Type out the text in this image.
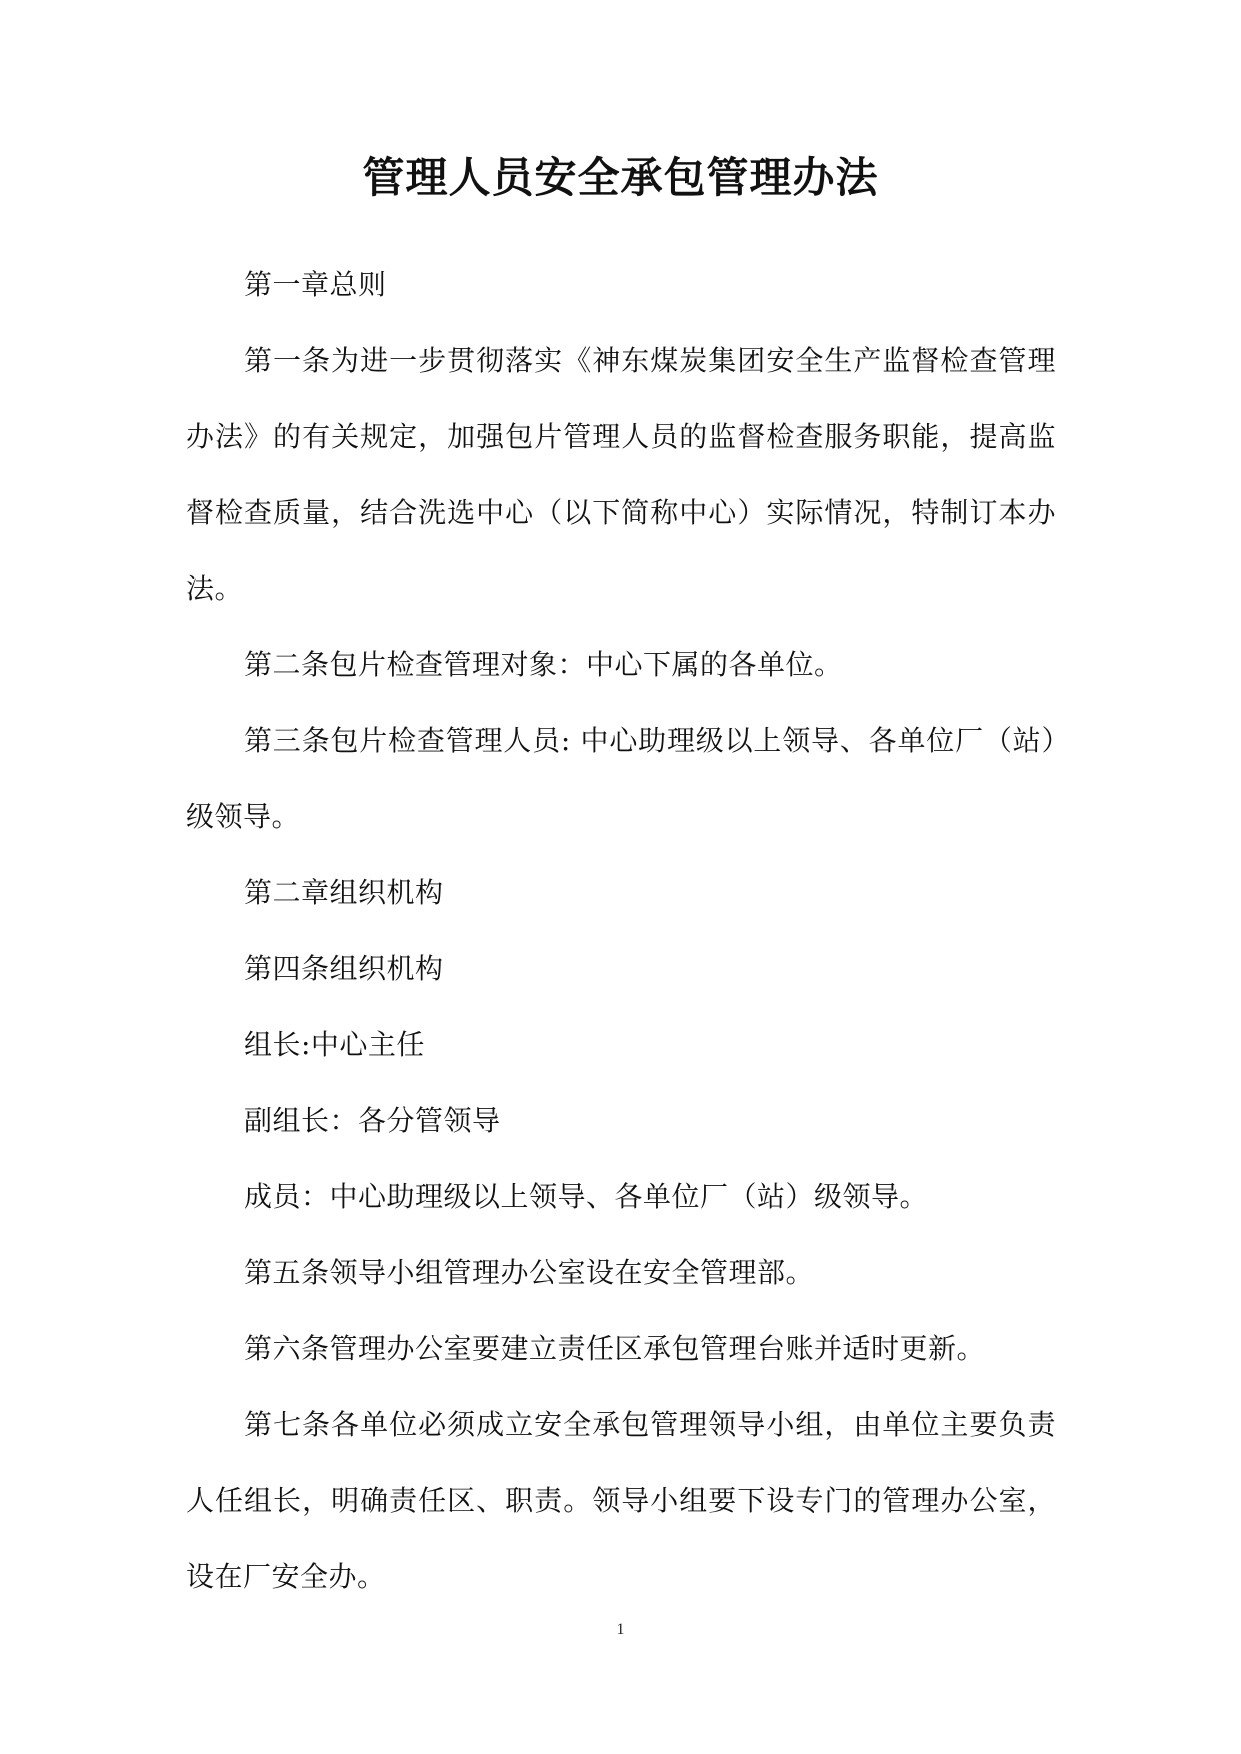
管理人员安全承包管理办法

第一章总则

第一条为进一步贯彻落实《神东煤炭集团安全生产监督检查管理办法》的有关规定，加强包片管理人员的监督检查服务职能，提高监督检查质量，结合洗选中心（以下简称中心）实际情况，特制订本办法。

第二条包片检查管理对象：中心下属的各单位。

第三条包片检查管理人员: 中心助理级以上领导、各单位厂（站）级领导。

第二章组织机构

第四条组织机构

组长:中心主任

副组长：各分管领导

成员：中心助理级以上领导、各单位厂（站）级领导。

第五条领导小组管理办公室设在安全管理部。

第六条管理办公室要建立责任区承包管理台账并适时更新。

第七条各单位必须成立安全承包管理领导小组，由单位主要负责人任组长，明确责任区、职责。领导小组要下设专门的管理办公室，设在厂安全办。

1
